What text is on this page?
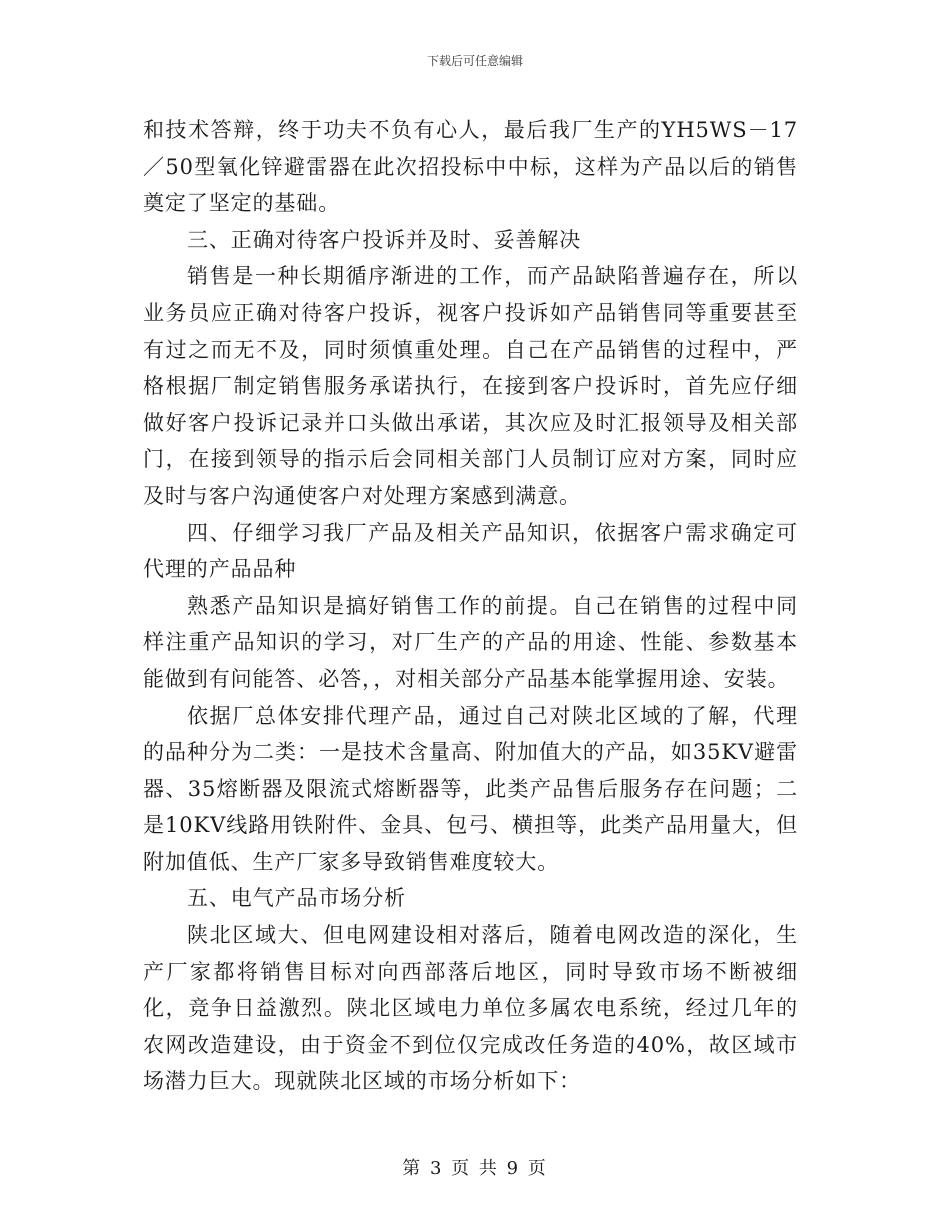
下载后可任意编辑

和技术答辩，终于功夫不负有心人，最后我厂生产的YH5WS－17／50型氧化锌避雷器在此次招投标中中标，这样为产品以后的销售奠定了坚定的基础。

三、正确对待客户投诉并及时、妥善解决

销售是一种长期循序渐进的工作，而产品缺陷普遍存在，所以业务员应正确对待客户投诉，视客户投诉如产品销售同等重要甚至有过之而无不及，同时须慎重处理。自己在产品销售的过程中，严格根据厂制定销售服务承诺执行，在接到客户投诉时，首先应仔细做好客户投诉记录并口头做出承诺，其次应及时汇报领导及相关部门，在接到领导的指示后会同相关部门人员制订应对方案，同时应及时与客户沟通使客户对处理方案感到满意。

四、仔细学习我厂产品及相关产品知识，依据客户需求确定可代理的产品品种

熟悉产品知识是搞好销售工作的前提。自己在销售的过程中同样注重产品知识的学习，对厂生产的产品的用途、性能、参数基本能做到有问能答、必答，，对相关部分产品基本能掌握用途、安装。

依据厂总体安排代理产品，通过自己对陕北区域的了解，代理的品种分为二类：一是技术含量高、附加值大的产品，如35KV避雷器、35熔断器及限流式熔断器等，此类产品售后服务存在问题；二是10KV线路用铁附件、金具、包弓、横担等，此类产品用量大，但附加值低、生产厂家多导致销售难度较大。

五、电气产品市场分析

陕北区域大、但电网建设相对落后，随着电网改造的深化，生产厂家都将销售目标对向西部落后地区，同时导致市场不断被细化，竞争日益激烈。陕北区域电力单位多属农电系统，经过几年的农网改造建设，由于资金不到位仅完成改任务造的40%，故区域市场潜力巨大。现就陕北区域的市场分析如下：

第 3 页 共 9 页
